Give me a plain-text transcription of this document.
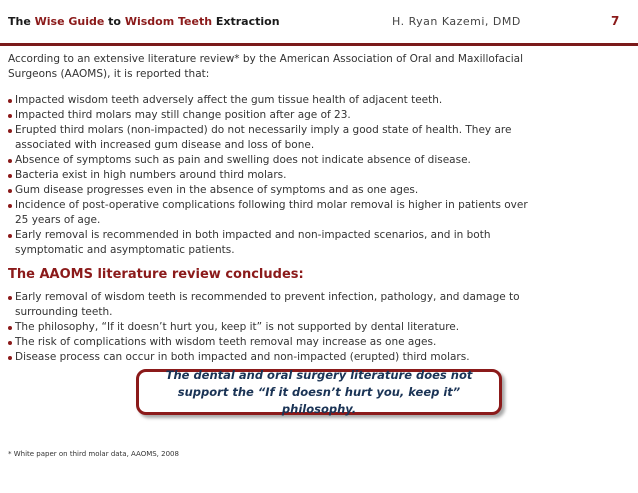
The Wise Guide to Wisdom Teeth Extraction	H. Ryan Kazemi, DMD	7

According to an extensive literature review* by the American Association of Oral and Maxillofacial
Surgeons (AAOMS), it is reported that:

Impacted wisdom teeth adversely affect the gum tissue health of adjacent teeth.
Impacted third molars may still change position after age of 23.
Erupted third molars (non-impacted) do not necessarily imply a good state of health. They are
associated with increased gum disease and loss of bone.
Absence of symptoms such as pain and swelling does not indicate absence of disease.
Bacteria exist in high numbers around third molars.
Gum disease progresses even in the absence of symptoms and as one ages.
Incidence of post-operative complications following third molar removal is higher in patients over
25 years of age.
Early removal is recommended in both impacted and non-impacted scenarios, and in both
symptomatic and asymptomatic patients.
The AAOMS literature review concludes:
Early removal of wisdom teeth is recommended to prevent infection, pathology, and damage to
surrounding teeth.
The philosophy, “If it doesn’t hurt you, keep it” is not supported by dental literature.
The risk of complications with wisdom teeth removal may increase as one ages.
Disease process can occur in both impacted and non-impacted (erupted) third molars.
The dental and oral surgery literature does not
support the “If it doesn’t hurt you, keep it” philosophy.
* White paper on third molar data, AAOMS, 2008
